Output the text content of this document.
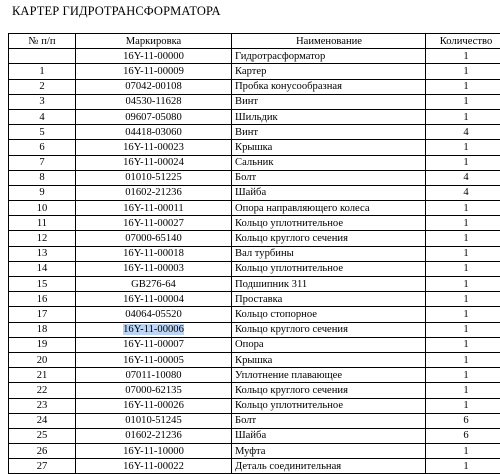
КАРТЕР ГИДРОТРАНСФОРМАТОРА
№ п/п	Маркировка	Наименование	Количество
	16Y-11-00000	Гидротрасформатор	1
1	16Y-11-00009	Картер	1
2	07042-00108	Пробка конусообразная	1
3	04530-11628	Винт	1
4	09607-05080	Шильдик	1
5	04418-03060	Винт	4
6	16Y-11-00023	Крышка	1
7	16Y-11-00024	Сальник	1
8	01010-51225	Болт	4
9	01602-21236	Шайба	4
10	16Y-11-00011	Опора направляющего колеса	1
11	16Y-11-00027	Кольцо уплотнительное	1
12	07000-65140	Кольцо круглого сечения	1
13	16Y-11-00018	Вал турбины	1
14	16Y-11-00003	Кольцо уплотнительное	1
15	GB276-64	Подшипник 311	1
16	16Y-11-00004	Проставка	1
17	04064-05520	Кольцо стопорное	1
18	16Y-11-00006	Кольцо круглого сечения	1
19	16Y-11-00007	Опора	1
20	16Y-11-00005	Крышка	1
21	07011-10080	Уплотнение плавающее	1
22	07000-62135	Кольцо круглого сечения	1
23	16Y-11-00026	Кольцо уплотнительное	1
24	01010-51245	Болт	6
25	01602-21236	Шайба	6
26	16Y-11-10000	Муфта	1
27	16Y-11-00022	Деталь соединительная	1
